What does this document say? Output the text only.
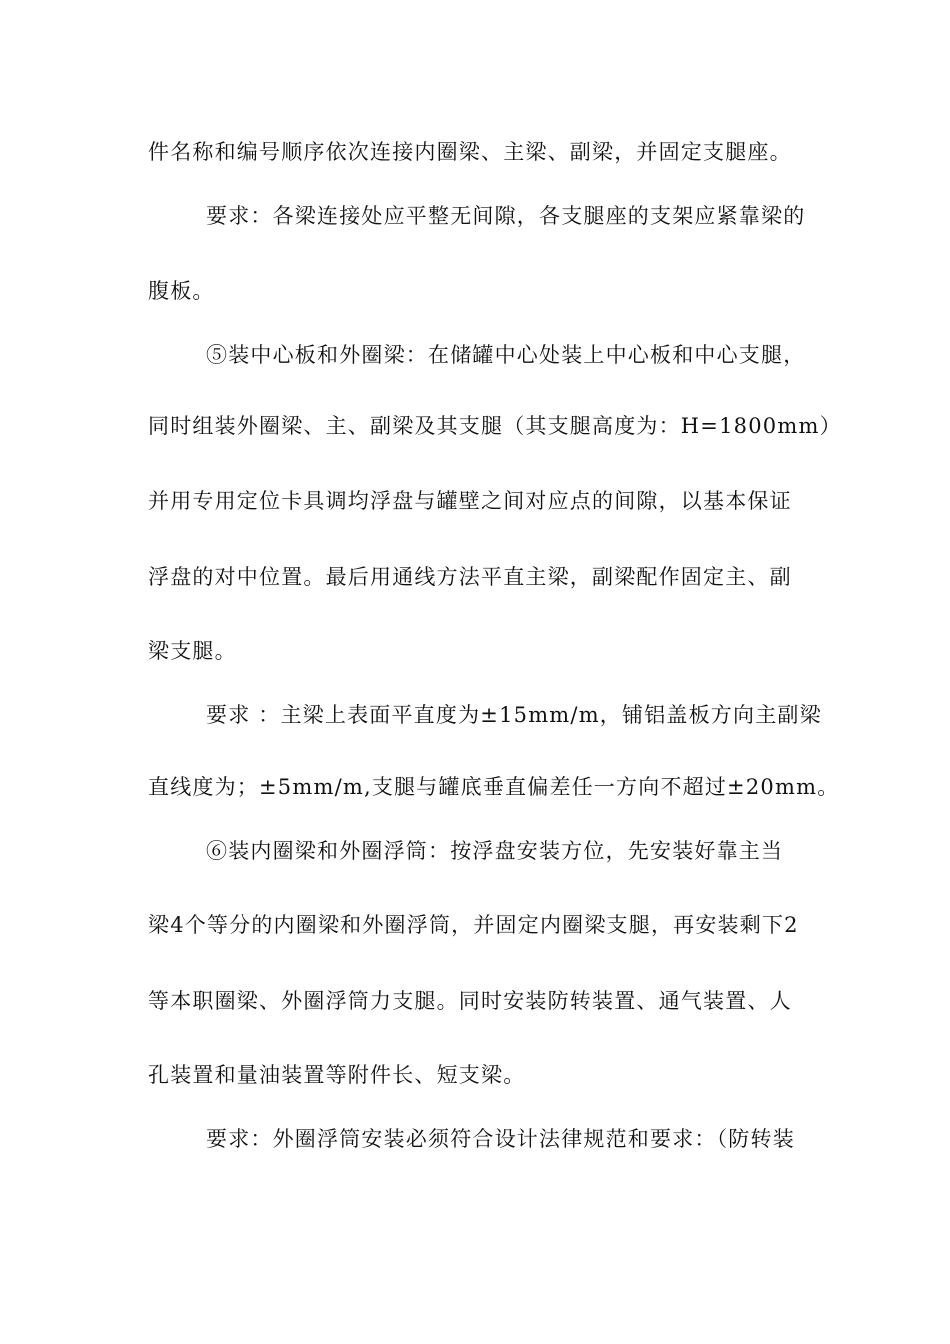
件名称和编号顺序依次连接内圈梁、主梁、副梁，并固定支腿座。
要求：各梁连接处应平整无间隙，各支腿座的支架应紧靠梁的
腹板。
⑤装中心板和外圈梁：在储罐中心处装上中心板和中心支腿，
同时组装外圈梁、主、副梁及其支腿（其支腿高度为：H=1800mm）
并用专用定位卡具调均浮盘与罐壁之间对应点的间隙，以基本保证
浮盘的对中位置。最后用通线方法平直主梁，副梁配作固定主、副
梁支腿。
要求 ：主梁上表面平直度为±15mm/m，铺铝盖板方向主副梁
直线度为；±5mm/m,支腿与罐底垂直偏差任一方向不超过±20mm。
⑥装内圈梁和外圈浮筒：按浮盘安装方位，先安装好靠主当
梁4个等分的内圈梁和外圈浮筒，并固定内圈梁支腿，再安装剩下2
等本职圈梁、外圈浮筒力支腿。同时安装防转装置、通气装置、人
孔装置和量油装置等附件长、短支梁。
要求：外圈浮筒安装必须符合设计法律规范和要求：（防转装
